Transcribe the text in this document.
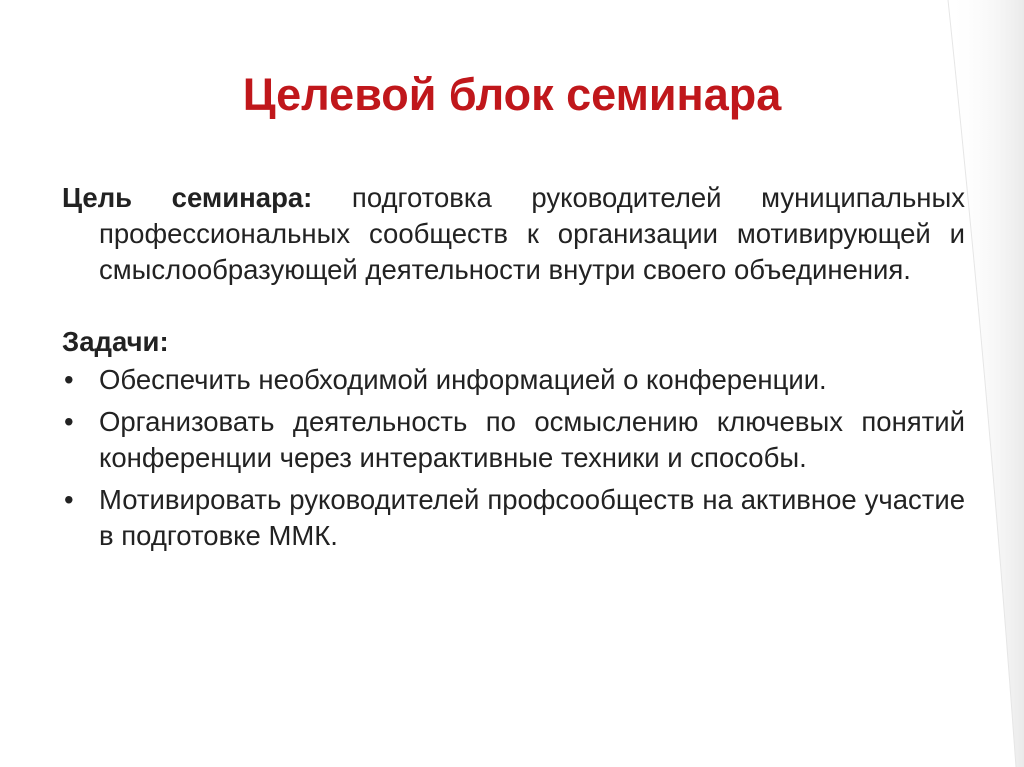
Целевой блок семинара

Цель семинара: подготовка руководителей муниципальных профессиональных сообществ к организации мотивирующей и смыслообразующей деятельности внутри своего объединения.

Задачи:
• Обеспечить необходимой информацией о конференции.
• Организовать деятельность по осмыслению ключевых понятий конференции через интерактивные техники и способы.
• Мотивировать руководителей профсообществ на активное участие в подготовке ММК.
